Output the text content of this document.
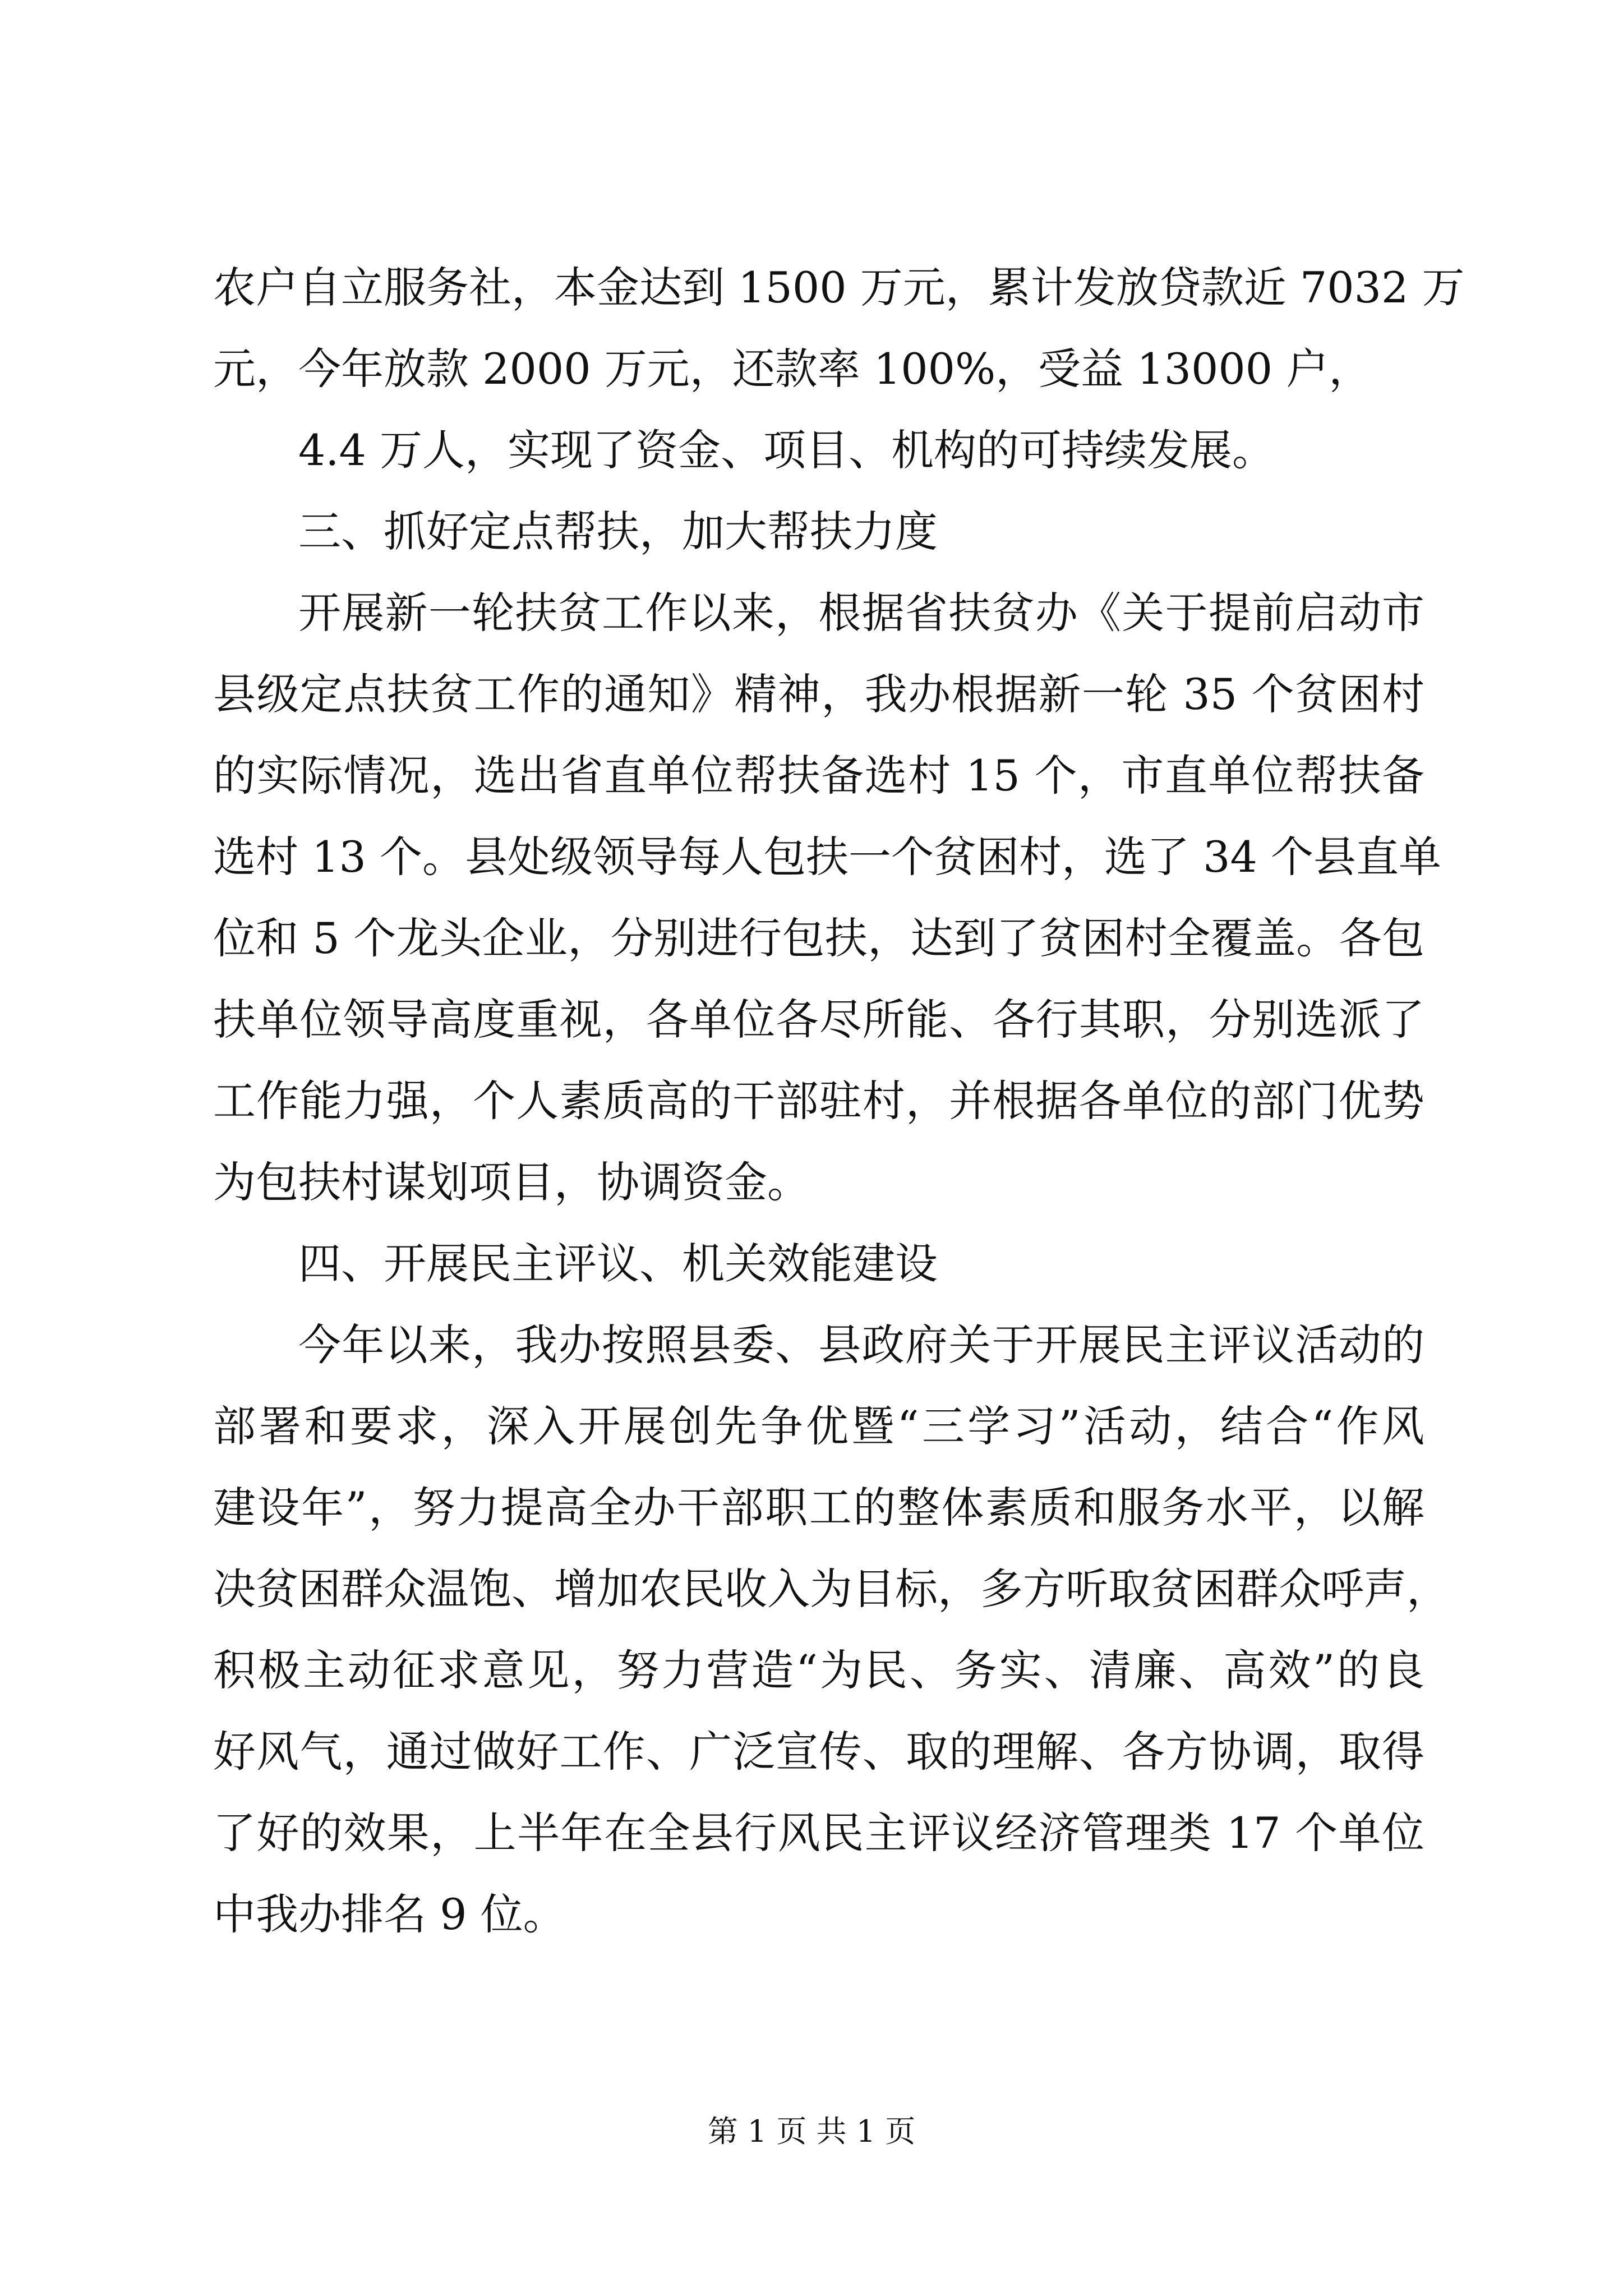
农户自立服务社，本金达到 1500 万元，累计发放贷款近 7032 万

元，今年放款 2000 万元，还款率 100%，受益 13000 户，

4.4 万人，实现了资金、项目、机构的可持续发展。

三、抓好定点帮扶，加大帮扶力度

开展新一轮扶贫工作以来，根据省扶贫办《关于提前启动市

县级定点扶贫工作的通知》精神，我办根据新一轮 35 个贫困村

的实际情况，选出省直单位帮扶备选村 15 个，市直单位帮扶备

选村 13 个。县处级领导每人包扶一个贫困村，选了 34 个县直单

位和 5 个龙头企业，分别进行包扶，达到了贫困村全覆盖。各包

扶单位领导高度重视，各单位各尽所能、各行其职，分别选派了

工作能力强，个人素质高的干部驻村，并根据各单位的部门优势

为包扶村谋划项目，协调资金。

四、开展民主评议、机关效能建设

今年以来，我办按照县委、县政府关于开展民主评议活动的

部署和要求，深入开展创先争优暨“三学习”活动，结合“作风

建设年”，努力提高全办干部职工的整体素质和服务水平，以解

决贫困群众温饱、增加农民收入为目标，多方听取贫困群众呼声，

积极主动征求意见，努力营造“为民、务实、清廉、高效”的良

好风气，通过做好工作、广泛宣传、取的理解、各方协调，取得

了好的效果，上半年在全县行风民主评议经济管理类 17 个单位

中我办排名 9 位。

第 1 页 共 1 页
